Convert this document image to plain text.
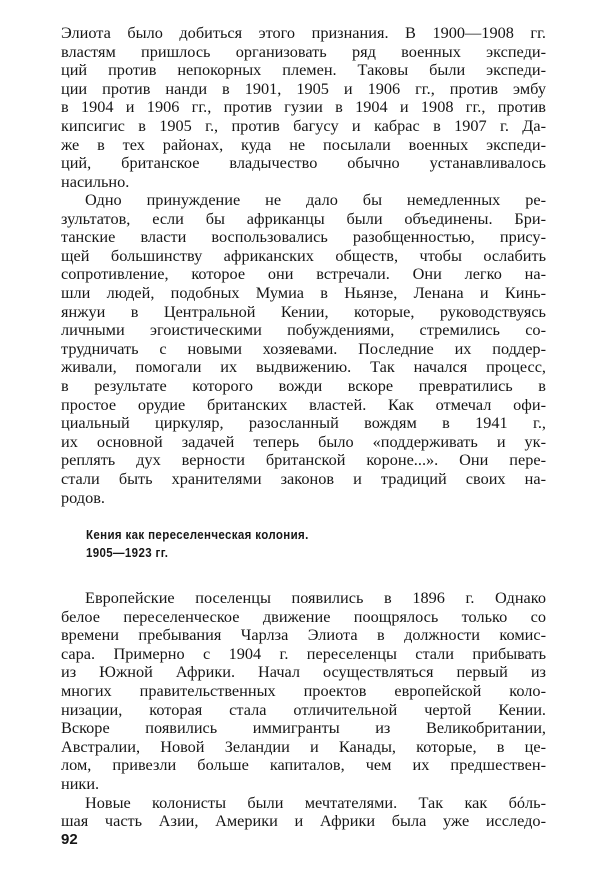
Элиота было добиться этого признания. В 1900—1908 гг.
властям пришлось организовать ряд военных экспеди-
ций против непокорных племен. Таковы были экспеди-
ции против нанди в 1901, 1905 и 1906 гг., против эмбу
в 1904 и 1906 гг., против гузии в 1904 и 1908 гг., против
кипсигис в 1905 г., против багусу и кабрас в 1907 г. Да-
же в тех районах, куда не посылали военных экспеди-
ций, британское владычество обычно устанавливалось
насильно.
Одно принуждение не дало бы немедленных ре-
зультатов, если бы африканцы были объединены. Бри-
танские власти воспользовались разобщенностью, прису-
щей большинству африканских обществ, чтобы ослабить
сопротивление, которое они встречали. Они легко на-
шли людей, подобных Мумиа в Ньянзе, Ленана и Кинь-
янжуи в Центральной Кении, которые, руководствуясь
личными эгоистическими побуждениями, стремились со-
трудничать с новыми хозяевами. Последние их поддер-
живали, помогали их выдвижению. Так начался процесс,
в результате которого вожди вскоре превратились в
простое орудие британских властей. Как отмечал офи-
циальный циркуляр, разосланный вождям в 1941 г.,
их основной задачей теперь было «поддерживать и ук-
реплять дух верности британской короне...». Они пере-
стали быть хранителями законов и традиций своих на-
родов.
Кения как переселенческая колония.
1905—1923 гг.
Европейские поселенцы появились в 1896 г. Однако
белое переселенческое движение поощрялось только со
времени пребывания Чарлза Элиота в должности комис-
сара. Примерно с 1904 г. переселенцы стали прибывать
из Южной Африки. Начал осуществляться первый из
многих правительственных проектов европейской коло-
низации, которая стала отличительной чертой Кении.
Вскоре появились иммигранты из Великобритании,
Австралии, Новой Зеландии и Канады, которые, в це-
лом, привезли больше капиталов, чем их предшествен-
ники.
Новые колонисты были мечтателями. Так как бóль-
шая часть Азии, Америки и Африки была уже исследо-
92
